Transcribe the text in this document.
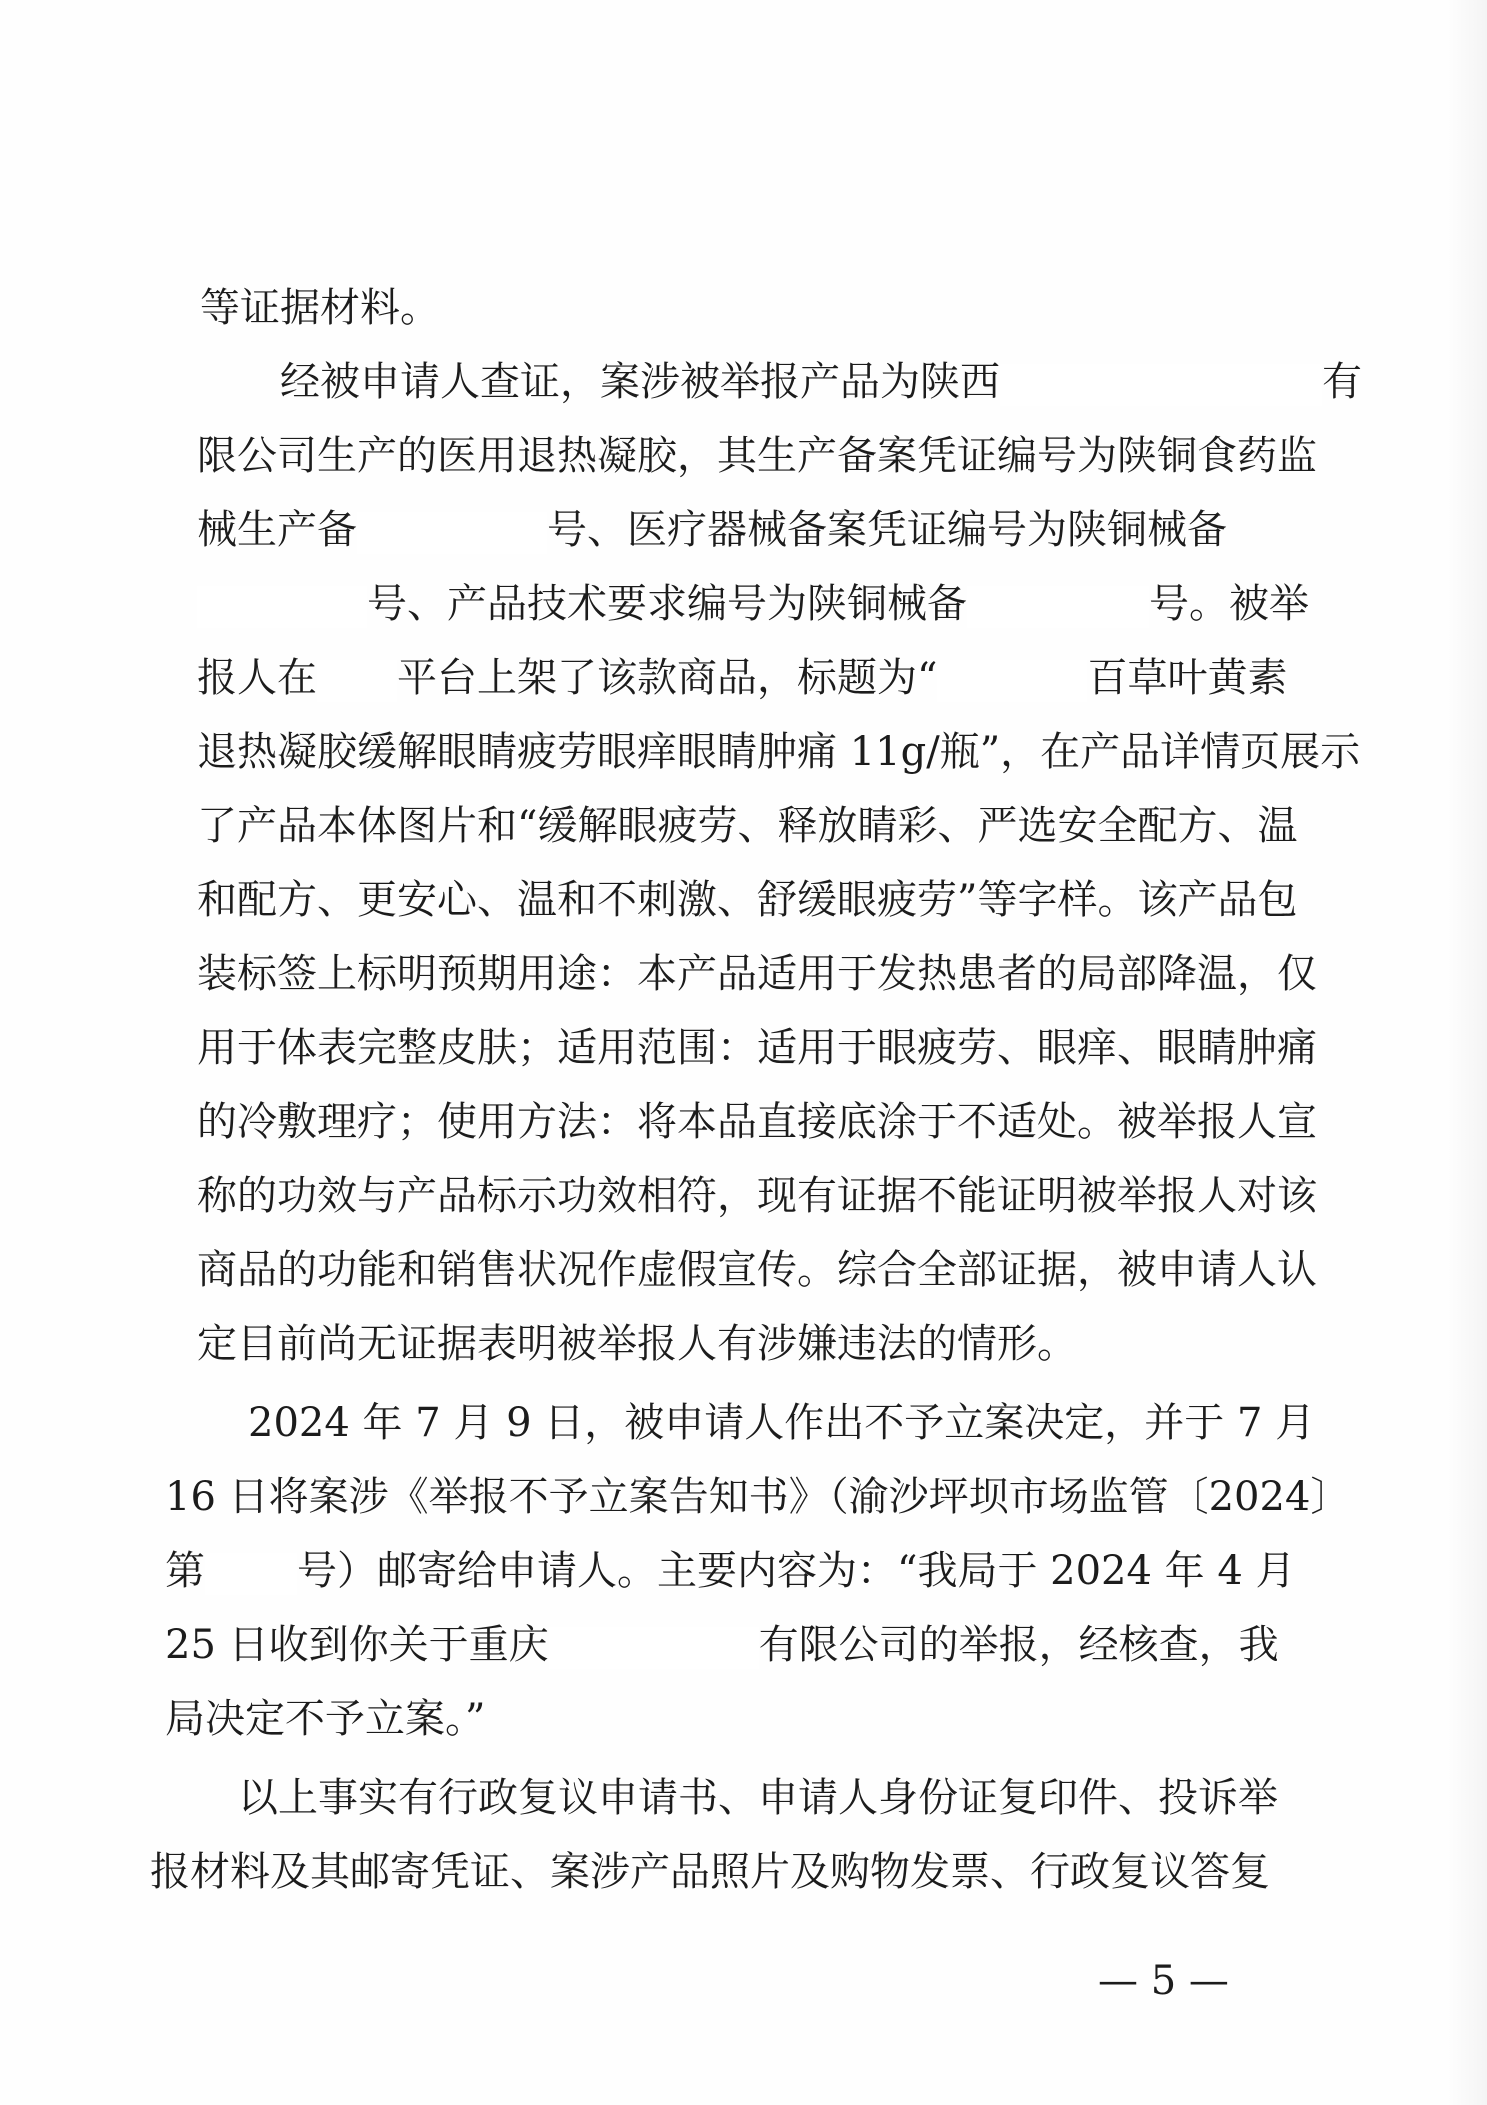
等证据材料。
经被申请人查证，案涉被举报产品为陕西	有
限公司生产的医用退热凝胶，其生产备案凭证编号为陕铜食药监
械生产备	号、医疗器械备案凭证编号为陕铜械备
号、产品技术要求编号为陕铜械备	号。被举
报人在 平台上架了该款商品，标题为“	百草叶黄素
退热凝胶缓解眼睛疲劳眼痒眼睛肿痛 11g/瓶”，在产品详情页展示
了产品本体图片和“缓解眼疲劳、释放睛彩、严选安全配方、温
和配方、更安心、温和不刺激、舒缓眼疲劳”等字样。该产品包
装标签上标明预期用途：本产品适用于发热患者的局部降温，仅
用于体表完整皮肤；适用范围：适用于眼疲劳、眼痒、眼睛肿痛
的冷敷理疗；使用方法：将本品直接底涂于不适处。被举报人宣
称的功效与产品标示功效相符，现有证据不能证明被举报人对该
商品的功能和销售状况作虚假宣传。综合全部证据，被申请人认
定目前尚无证据表明被举报人有涉嫌违法的情形。
2024 年 7 月 9 日，被申请人作出不予立案决定，并于 7 月
16 日将案涉《举报不予立案告知书》（渝沙坪坝市场监管〔2024〕
第 号）邮寄给申请人。主要内容为：“我局于 2024 年 4 月
25 日收到你关于重庆	有限公司的举报，经核查，我
局决定不予立案。”
以上事实有行政复议申请书、申请人身份证复印件、投诉举
报材料及其邮寄凭证、案涉产品照片及购物发票、行政复议答复
— 5 —
